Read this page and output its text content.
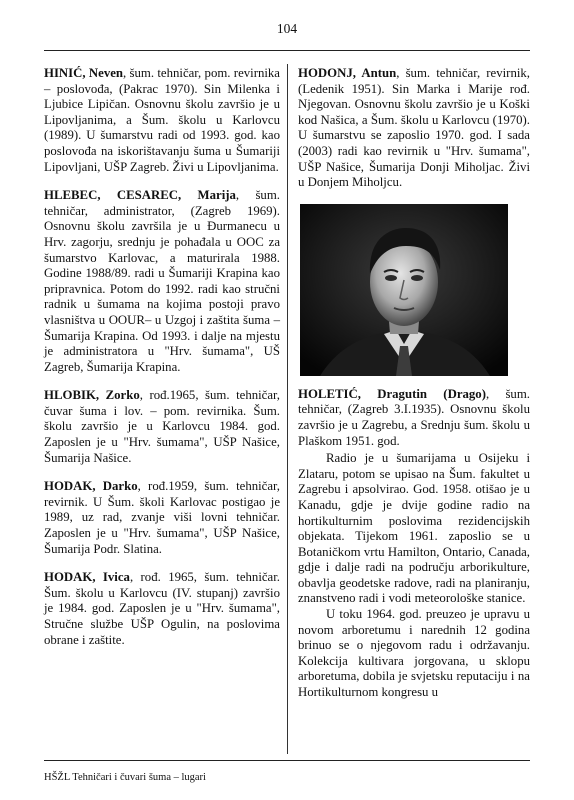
104

HINIĆ, Neven, šum. tehničar, pom. revirnika – poslovođa, (Pakrac 1970). Sin Milenka i Ljubice Lipičan. Osnovnu školu završio je u Lipovljanima, a Šum. školu u Karlovcu (1989). U šumarstvu radi od 1993. god. kao poslovođa na iskorištavanju šuma u Šumariji Lipovljani, UŠP Zagreb. Živi u Lipovljanima.

HLEBEC, CESAREC, Marija, šum. tehničar, administrator, (Zagreb 1969). Osnovnu školu završila je u Đurmanecu u Hrv. zagorju, srednju je pohađala u OOC za šumarstvo Karlovac, a maturirala 1988. Godine 1988/89. radi u Šumariji Krapina kao pripravnica. Potom do 1992. radi kao stručni radnik u šumama na kojima postoji pravo vlasništva u OOUR– u Uzgoj i zaštita šuma – Šumarija Krapina. Od 1993. i dalje na mjestu je administratora u "Hrv. šumama", UŠ Zagreb, Šumarija Krapina.

HLOBIK, Zorko, rođ.1965, šum. tehničar, čuvar šuma i lov. – pom. revirnika. Šum. školu završio je u Karlovcu 1984. god. Zaposlen je u "Hrv. šumama", UŠP Našice, Šumarija Našice.

HODAK, Darko, rođ.1959, šum. tehničar, revirnik. U Šum. školi Karlovac postigao je 1989, uz rad, zvanje viši lovni tehničar. Zaposlen je u "Hrv. šumama", UŠP Našice, Šumarija Podr. Slatina.

HODAK, Ivica, rođ. 1965, šum. tehničar. Šum. školu u Karlovcu (IV. stupanj) završio je 1984. god. Zaposlen je u "Hrv. šumama", Stručne službe UŠP Ogulin, na poslovima obrane i zaštite.

HODONJ, Antun, šum. tehničar, revirnik, (Ledenik 1951). Sin Marka i Marije rođ. Njegovan. Osnovnu školu završio je u Koški kod Našica, a Šum. školu u Karlovcu (1970). U šumarstvu se zaposlio 1970. god. I sada (2003) radi kao revirnik u "Hrv. šumama", UŠP Našice, Šumarija Donji Miholjac. Živi u Donjem Miholjcu.

HOLETIĆ, Dragutin (Drago), šum. tehničar, (Zagreb 3.I.1935). Osnovnu školu završio je u Zagrebu, a Srednju šum. školu u Plaškom 1951. god.

Radio je u šumarijama u Osijeku i Zlataru, potom se upisao na Šum. fakultet u Zagrebu i apsolvirao. God. 1958. otišao je u Kanadu, gdje je dvije godine radio na hortikulturnim poslovima rezidencijskih objekata. Tijekom 1961. zaposlio se u Botaničkom vrtu Hamilton, Ontario, Canada, gdje i dalje radi na području arborikulture, obavlja geodetske radove, radi na planiranju, znanstveno radi i vodi meteorološke stanice.

U toku 1964. god. preuzeo je upravu u novom arboretumu i narednih 12 godina brinuo se o njegovom radu i održavanju. Kolekcija kultivara jorgovana, u sklopu arboretuma, dobila je svjetsku reputaciju i na Hortikulturnom kongresu u

HŠŽL Tehničari i čuvari šuma – lugari
